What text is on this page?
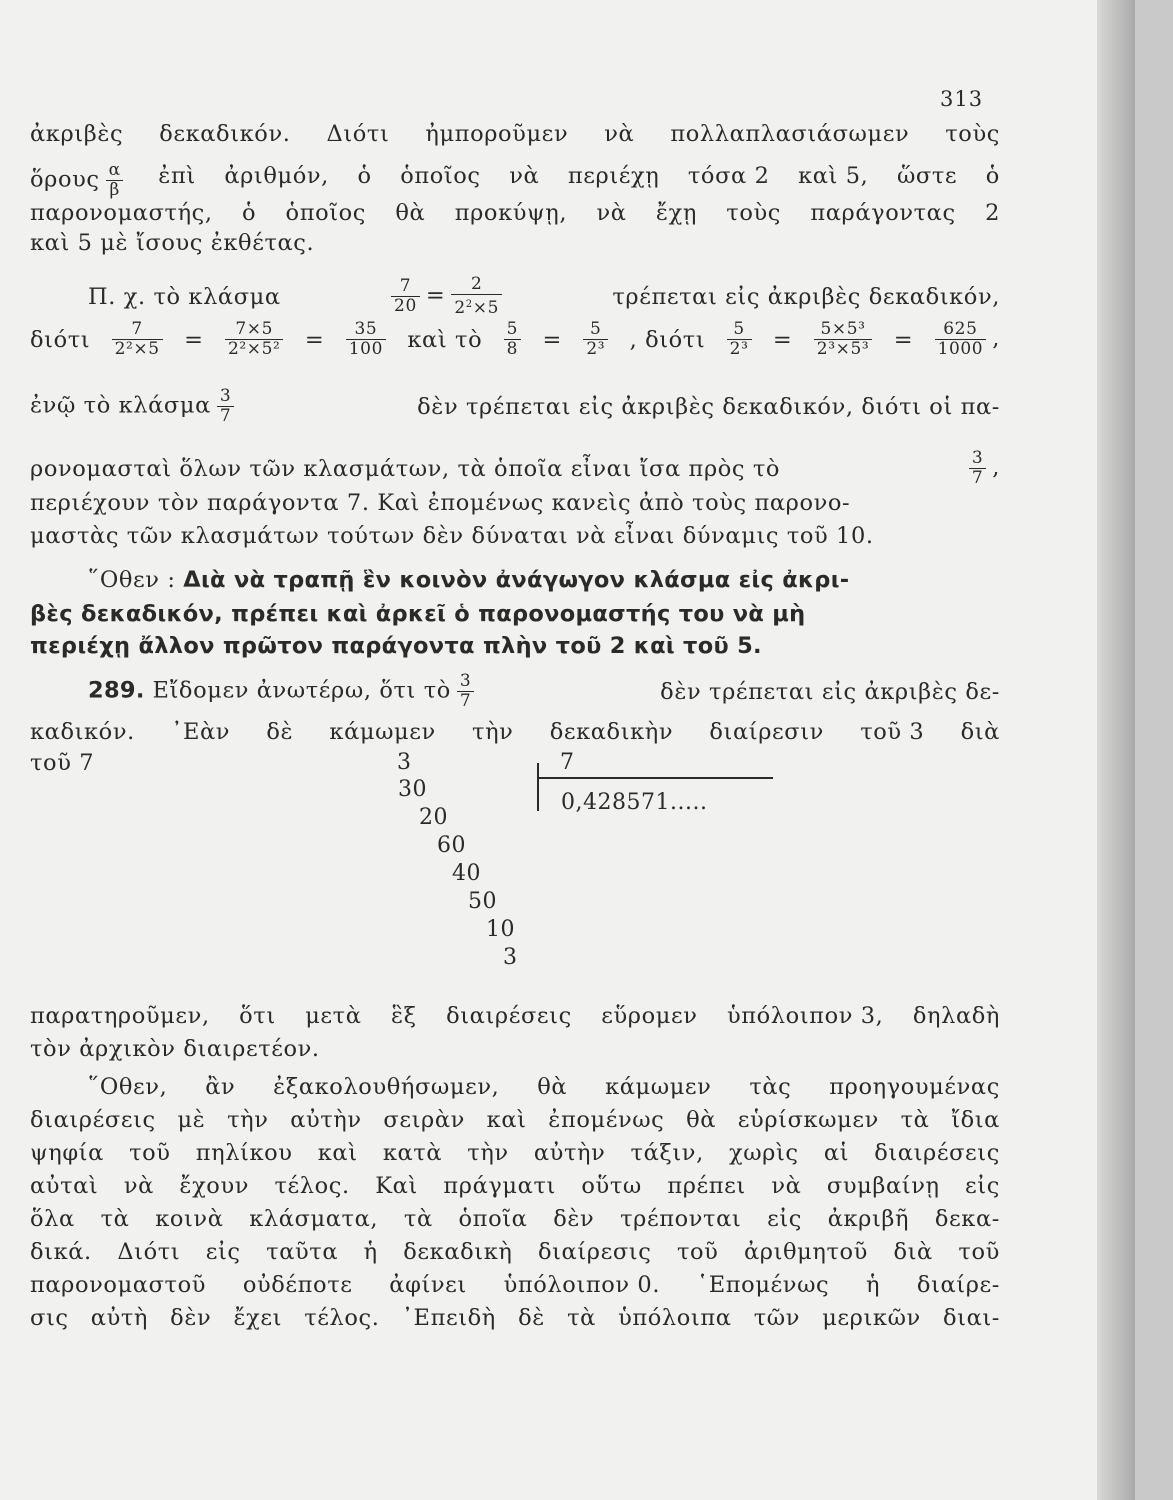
313
ἀκριβὲς δεκαδικόν. Διότι ἠμποροῦμεν νὰ πολλαπλασιάσωμεν τοὺς
ὅρους $\frac{\alpha}{\beta}$ ἐπὶ ἀριθμόν, ὁ ὁποῖος νὰ περιέχῃ τόσα 2 καὶ 5, ὥστε ὁ
παρονομαστής, ὁ ὁποῖος θὰ προκύψῃ, νὰ ἔχῃ τοὺς παράγοντας 2
καὶ 5 μὲ ἴσους ἐκθέτας.
Π. χ. τὸ κλάσμα	$\frac{7}{20} = \frac{2}{2^2\times 5}$	τρέπεται εἰς ἀκριβὲς δεκαδικόν,
διότι $\frac{7}{\text{2²×5}} = \frac{7\times 5}{\text{2²×5²}} = \frac{35}{100}$ καὶ τὸ $\frac{5}{8} = \frac{5}{\text{2³}}$ , διότι $\frac{5}{\text{2³}} = \frac{\text{5×5³}}{\text{2³×5³}} = \frac{625}{1000}$ ,
ἐνῷ τὸ κλάσμα $\frac{3}{7}$	δὲν τρέπεται εἰς ἀκριβὲς δεκαδικόν, διότι οἱ πα-
ρονομασταὶ ὅλων τῶν κλασμάτων, τὰ ὁποῖα εἶναι ἴσα πρὸς τὸ	$\frac{3}{7}$ ,
περιέχουν τὸν παράγοντα 7. Καὶ ἐπομένως κανεὶς ἀπὸ τοὺς παρονο-
μαστὰς τῶν κλασμάτων τούτων δὲν δύναται νὰ εἶναι δύναμις τοῦ 10.
῞Οθεν : Διὰ νὰ τραπῇ ἓν κοινὸν ἀνάγωγον κλάσμα εἰς ἀκρι-
βὲς δεκαδικόν, πρέπει καὶ ἀρκεῖ ὁ παρονομαστής του νὰ μὴ
περιέχῃ ἄλλον πρῶτον παράγοντα πλὴν τοῦ 2 καὶ τοῦ 5.
289. Εἴδομεν ἀνωτέρω, ὅτι τὸ $\frac{3}{7}$	δὲν τρέπεται εἰς ἀκριβὲς δε-
καδικόν. ᾿Εὰν δὲ κάμωμεν τὴν δεκαδικὴν διαίρεσιν τοῦ 3 διὰ
τοῦ 7	3	7
0,428571.....
30
20
60
40
50
10
3
παρατηροῦμεν, ὅτι μετὰ ἓξ διαιρέσεις εὕρομεν ὑπόλοιπον 3, δηλαδὴ
τὸν ἀρχικὸν διαιρετέον.
῞Οθεν, ἂν ἐξακολουθήσωμεν, θὰ κάμωμεν τὰς προηγουμένας
διαιρέσεις μὲ τὴν αὐτὴν σειρὰν καὶ ἐπομένως θὰ εὑρίσκωμεν τὰ ἴδια
ψηφία τοῦ πηλίκου καὶ κατὰ τὴν αὐτὴν τάξιν, χωρὶς αἱ διαιρέσεις
αὐταὶ νὰ ἔχουν τέλος. Καὶ πράγματι οὕτω πρέπει νὰ συμβαίνῃ εἰς
ὅλα τὰ κοινὰ κλάσματα, τὰ ὁποῖα δὲν τρέπονται εἰς ἀκριβῆ δεκα-
δικά. Διότι εἰς ταῦτα ἡ δεκαδικὴ διαίρεσις τοῦ ἀριθμητοῦ διὰ τοῦ
παρονομαστοῦ οὐδέποτε ἀφίνει ὑπόλοιπον 0. ῾Επομένως ἡ διαίρε-
σις αὐτὴ δὲν ἔχει τέλος. ᾿Επειδὴ δὲ τὰ ὑπόλοιπα τῶν μερικῶν διαι-
